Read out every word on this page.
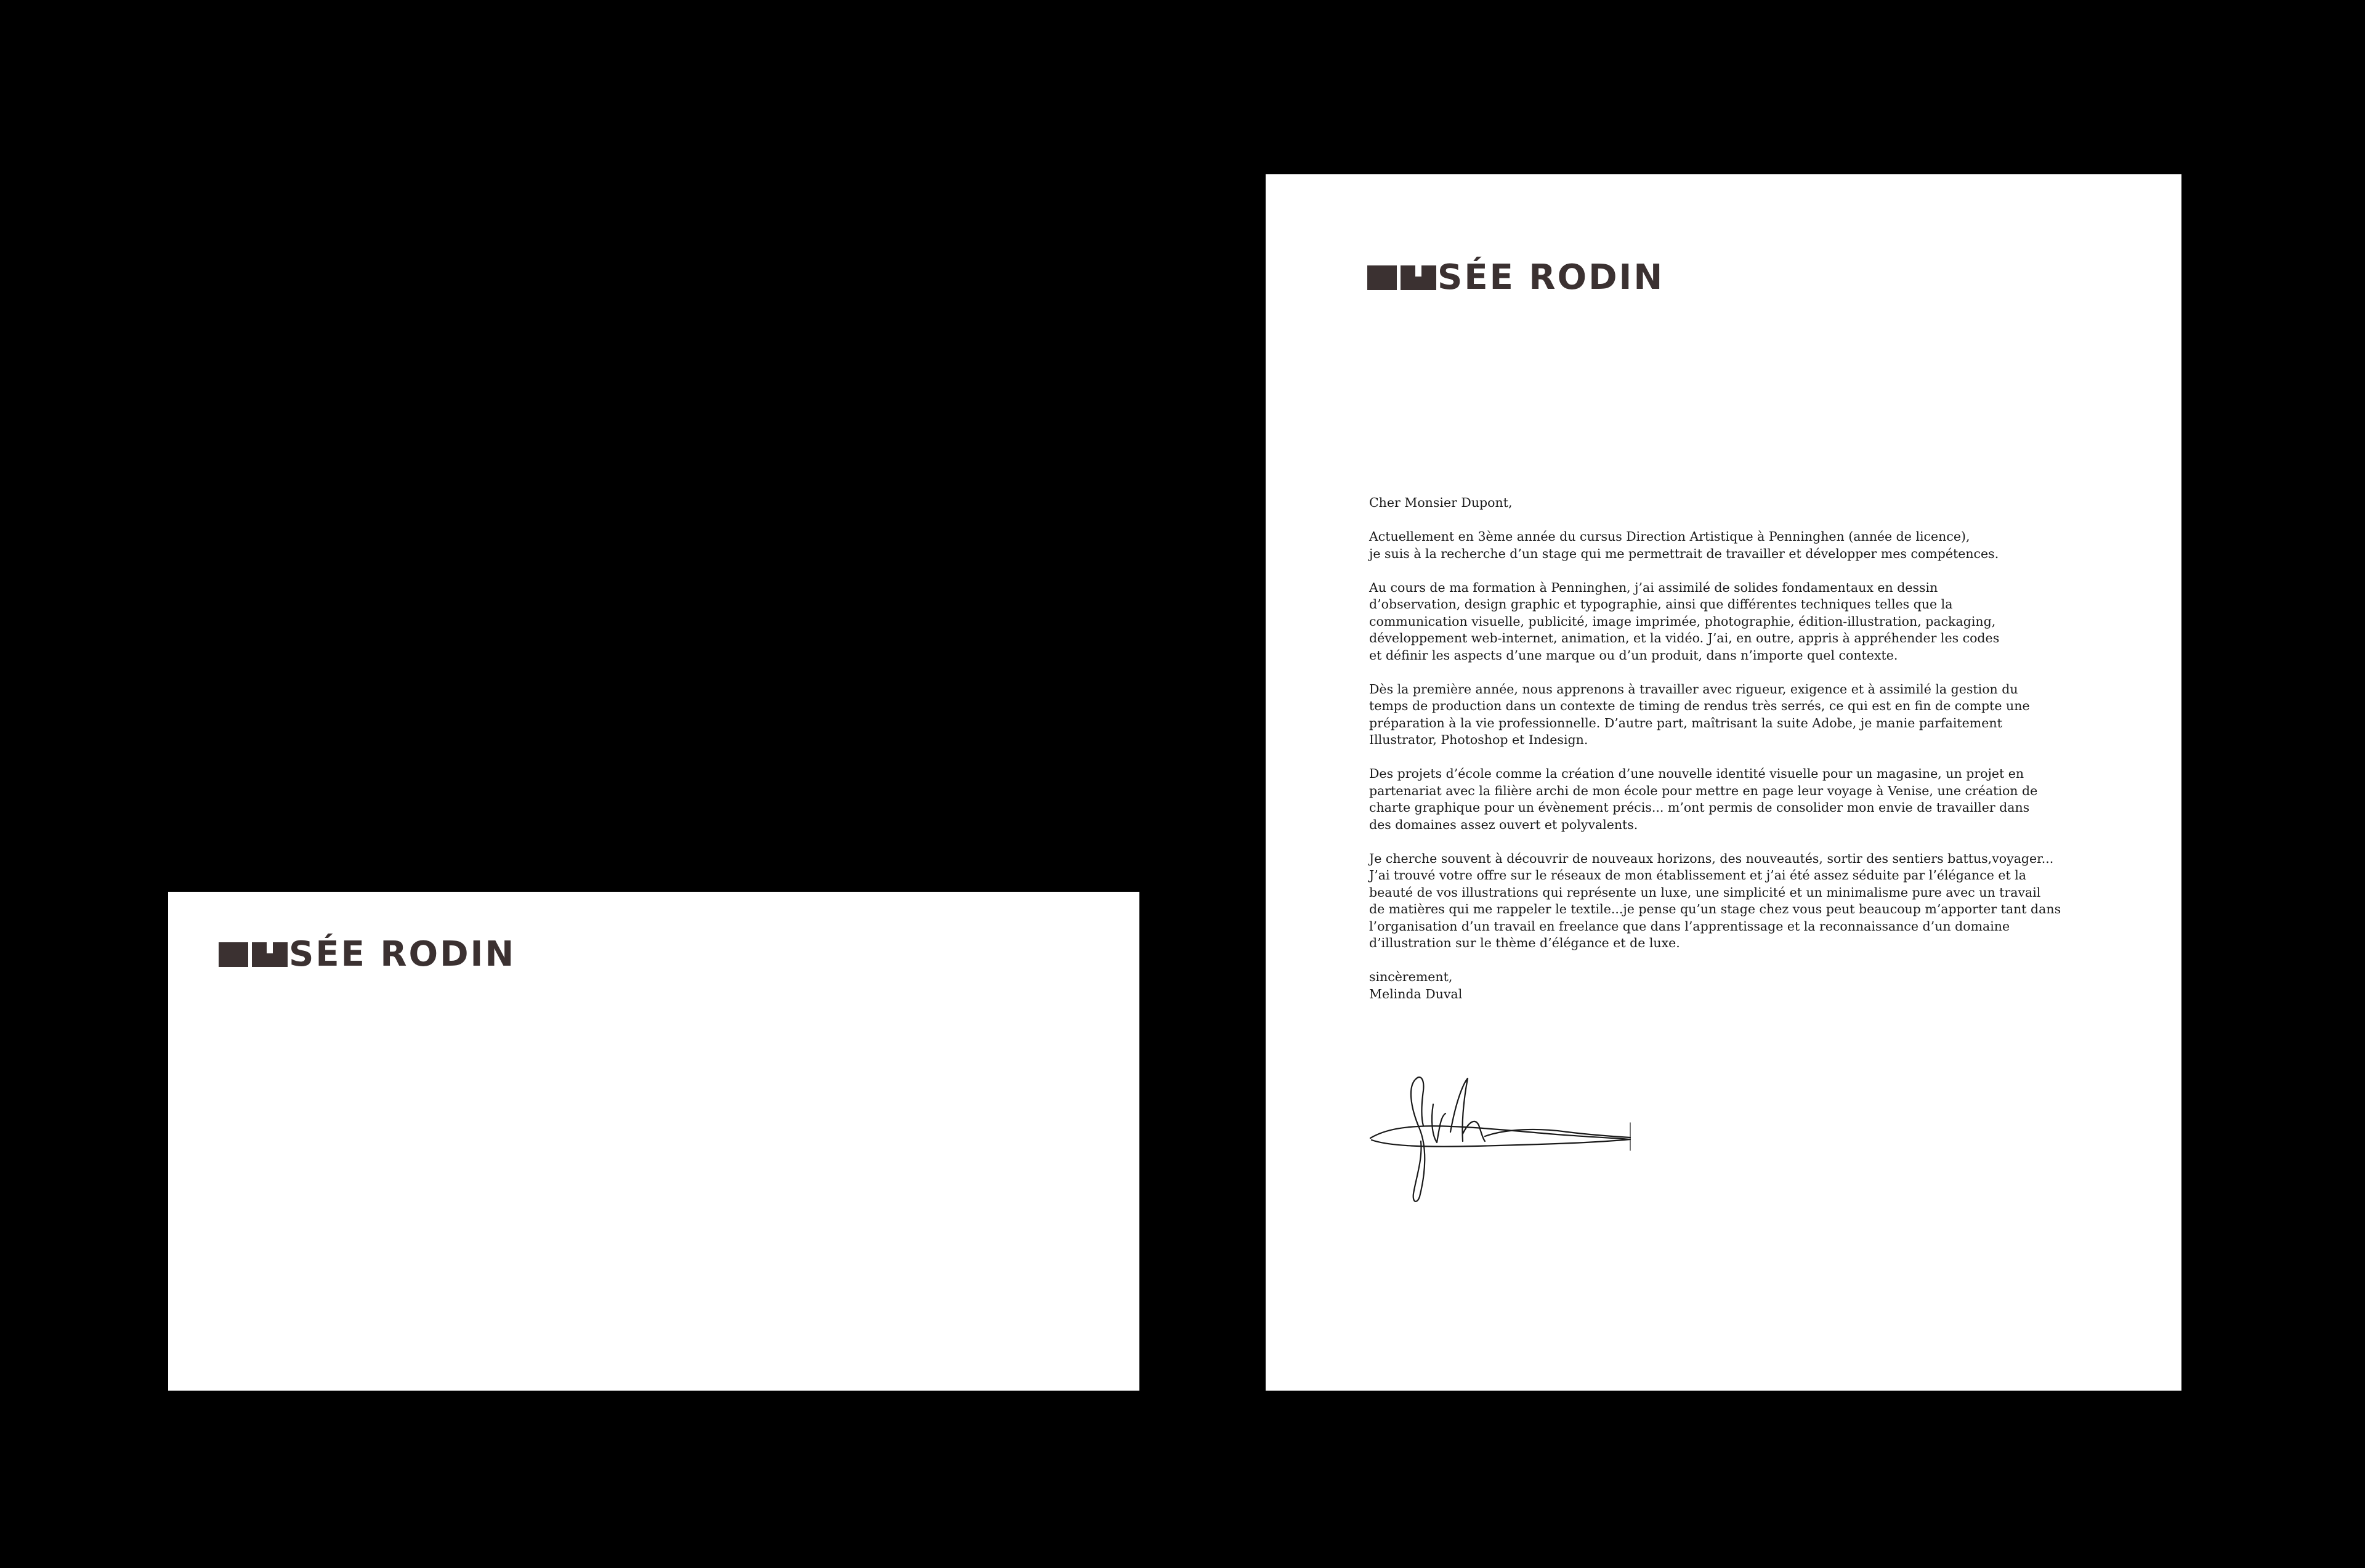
SÉE RODIN
SÉE RODIN

Cher Monsier Dupont,

Actuellement en 3ème année du cursus Direction Artistique à Penninghen (année de licence),
je suis à la recherche d’un stage qui me permettrait de travailler et développer mes compétences.

Au cours de ma formation à Penninghen, j’ai assimilé de solides fondamentaux en dessin
d’observation, design graphic et typographie, ainsi que différentes techniques telles que la
communication visuelle, publicité, image imprimée, photographie, édition-illustration, packaging,
développement web-internet, animation, et la vidéo. J’ai, en outre, appris à appréhender les codes
et définir les aspects d’une marque ou d’un produit, dans n’importe quel contexte.

Dès la première année, nous apprenons à travailler avec rigueur, exigence et à assimilé la gestion du
temps de production dans un contexte de timing de rendus très serrés, ce qui est en fin de compte une
préparation à la vie professionnelle. D’autre part, maîtrisant la suite Adobe, je manie parfaitement
Illustrator, Photoshop et Indesign.

Des projets d’école comme la création d’une nouvelle identité visuelle pour un magasine, un projet en
partenariat avec la filière archi de mon école pour mettre en page leur voyage à Venise, une création de
charte graphique pour un évènement précis... m’ont permis de consolider mon envie de travailler dans
des domaines assez ouvert et polyvalents.

Je cherche souvent à découvrir de nouveaux horizons, des nouveautés, sortir des sentiers battus,voyager...
J’ai trouvé votre offre sur le réseaux de mon établissement et j’ai été assez séduite par l’élégance et la
beauté de vos illustrations qui représente un luxe, une simplicité et un minimalisme pure avec un travail
de matières qui me rappeler le textile...je pense qu’un stage chez vous peut beaucoup m’apporter tant dans
l’organisation d’un travail en freelance que dans l’apprentissage et la reconnaissance d’un domaine
d’illustration sur le thème d’élégance et de luxe.

sincèrement,
Melinda Duval
